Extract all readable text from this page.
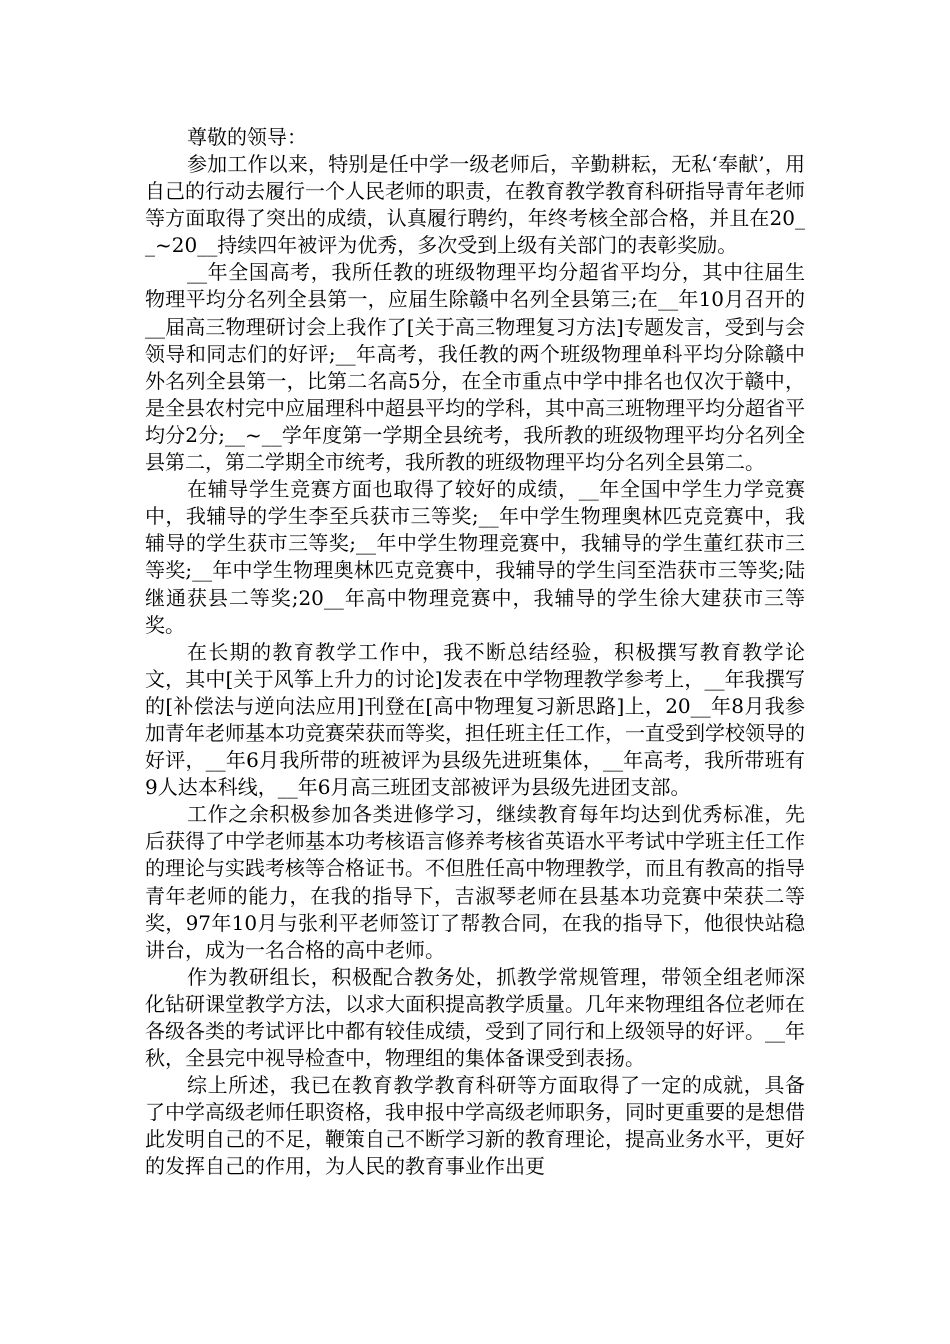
尊敬的领导：

参加工作以来，特别是任中学一级老师后，辛勤耕耘，无私‘奉献’，用自己的行动去履行一个人民老师的职责，在教育教学教育科研指导青年老师等方面取得了突出的成绩，认真履行聘约，年终考核全部合格，并且在20__~20__持续四年被评为优秀，多次受到上级有关部门的表彰奖励。

__年全国高考，我所任教的班级物理平均分超省平均分，其中往届生物理平均分名列全县第一，应届生除赣中名列全县第三;在__年10月召开的__届高三物理研讨会上我作了[关于高三物理复习方法]专题发言，受到与会领导和同志们的好评;__年高考，我任教的两个班级物理单科平均分除赣中外名列全县第一，比第二名高5分，在全市重点中学中排名也仅次于赣中，是全县农村完中应届理科中超县平均的学科，其中高三班物理平均分超省平均分2分;__~__学年度第一学期全县统考，我所教的班级物理平均分名列全县第二，第二学期全市统考，我所教的班级物理平均分名列全县第二。

在辅导学生竞赛方面也取得了较好的成绩，__年全国中学生力学竞赛中，我辅导的学生李至兵获市三等奖;__年中学生物理奥林匹克竞赛中，我辅导的学生获市三等奖;__年中学生物理竞赛中，我辅导的学生董红获市三等奖;__年中学生物理奥林匹克竞赛中，我辅导的学生闫至浩获市三等奖;陆继通获县二等奖;20__年高中物理竞赛中，我辅导的学生徐大建获市三等奖。

在长期的教育教学工作中，我不断总结经验，积极撰写教育教学论文，其中[关于风筝上升力的讨论]发表在中学物理教学参考上，__年我撰写的[补偿法与逆向法应用]刊登在[高中物理复习新思路]上，20__年8月我参加青年老师基本功竞赛荣获而等奖，担任班主任工作，一直受到学校领导的好评，__年6月我所带的班被评为县级先进班集体，__年高考，我所带班有9人达本科线，__年6月高三班团支部被评为县级先进团支部。

工作之余积极参加各类进修学习，继续教育每年均达到优秀标准，先后获得了中学老师基本功考核语言修养考核省英语水平考试中学班主任工作的理论与实践考核等合格证书。不但胜任高中物理教学，而且有教高的指导青年老师的能力，在我的指导下，吉淑琴老师在县基本功竞赛中荣获二等奖，97年10月与张利平老师签订了帮教合同，在我的指导下，他很快站稳讲台，成为一名合格的高中老师。

作为教研组长，积极配合教务处，抓教学常规管理，带领全组老师深化钻研课堂教学方法，以求大面积提高教学质量。几年来物理组各位老师在各级各类的考试评比中都有较佳成绩，受到了同行和上级领导的好评。__年秋，全县完中视导检查中，物理组的集体备课受到表扬。

综上所述，我已在教育教学教育科研等方面取得了一定的成就，具备了中学高级老师任职资格，我申报中学高级老师职务，同时更重要的是想借此发明自己的不足，鞭策自己不断学习新的教育理论，提高业务水平，更好的发挥自己的作用，为人民的教育事业作出更
